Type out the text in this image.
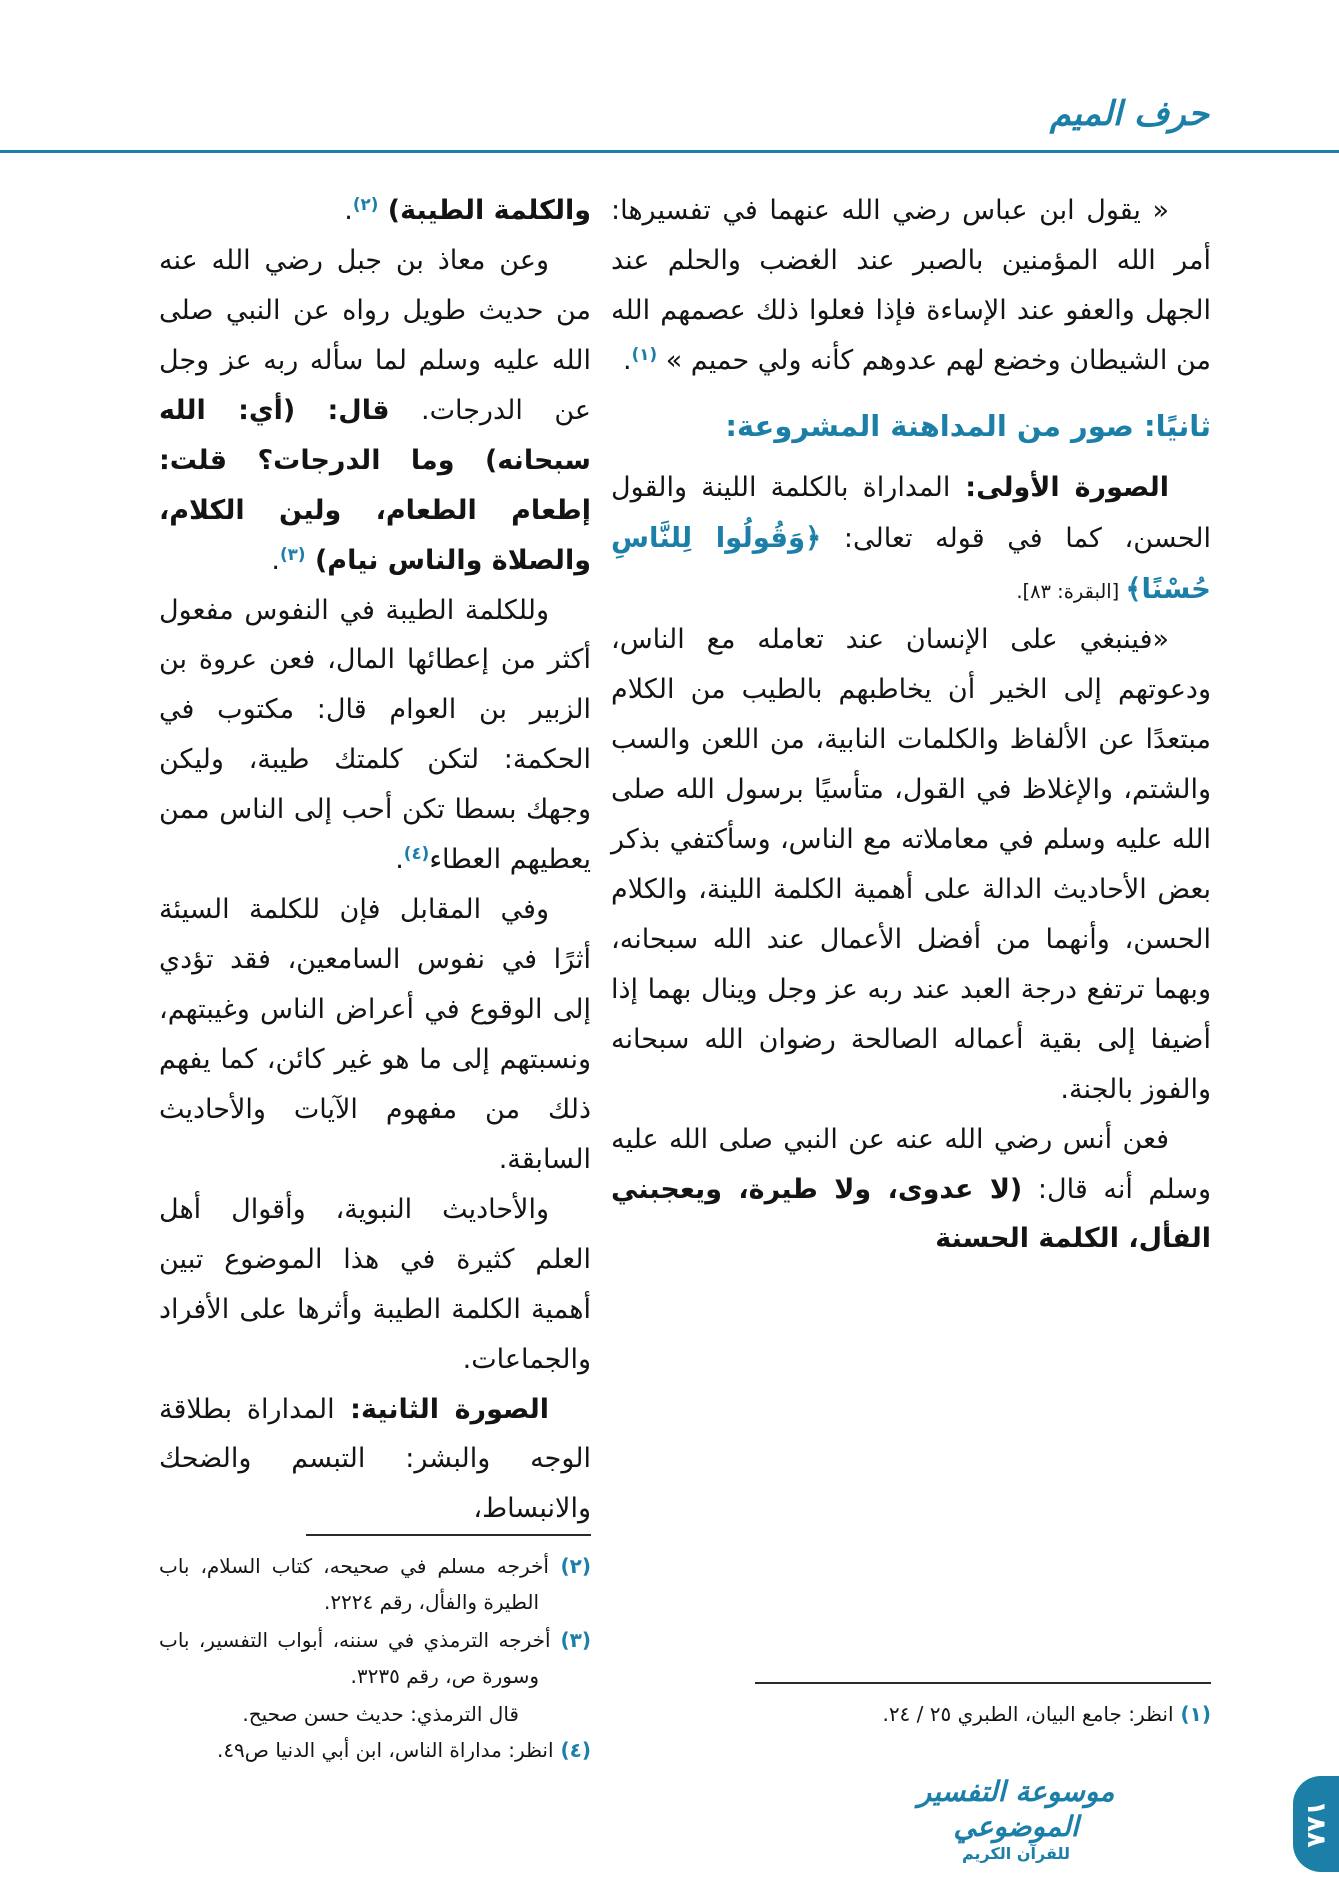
حرف الميم

« يقول ابن عباس رضي الله عنهما في تفسيرها: أمر الله المؤمنين بالصبر عند الغضب والحلم عند الجهل والعفو عند الإساءة فإذا فعلوا ذلك عصمهم الله من الشيطان وخضع لهم عدوهم كأنه ولي حميم » $^{(١)}$.

ثانيًا: صور من المداهنة المشروعة:

الصورة الأولى: المداراة بالكلمة اللينة والقول الحسن، كما في قوله تعالى: ﴿وَقُولُوا لِلنَّاسِ حُسْنًا﴾ [البقرة: ٨٣].

«فينبغي على الإنسان عند تعامله مع الناس، ودعوتهم إلى الخير أن يخاطبهم بالطيب من الكلام مبتعدًا عن الألفاظ والكلمات النابية، من اللعن والسب والشتم، والإغلاظ في القول، متأسيًا برسول الله صلى الله عليه وسلم في معاملاته مع الناس، وسأكتفي بذكر بعض الأحاديث الدالة على أهمية الكلمة اللينة، والكلام الحسن، وأنهما من أفضل الأعمال عند الله سبحانه، وبهما ترتفع درجة العبد عند ربه عز وجل وينال بهما إذا أضيفا إلى بقية أعماله الصالحة رضوان الله سبحانه والفوز بالجنة.

فعن أنس رضي الله عنه عن النبي صلى الله عليه وسلم أنه قال: (لا عدوى، ولا طيرة، ويعجبني الفأل، الكلمة الحسنة

(١) انظر: جامع البيان، الطبري ٢٥ / ٢٤.

والكلمة الطيبة) $^{(٢)}$.

وعن معاذ بن جبل رضي الله عنه من حديث طويل رواه عن النبي صلى الله عليه وسلم لما سأله ربه عز وجل عن الدرجات. قال: (أي: الله سبحانه) وما الدرجات؟ قلت: إطعام الطعام، ولين الكلام، والصلاة والناس نيام) $^{(٣)}$.

وللكلمة الطيبة في النفوس مفعول أكثر من إعطائها المال، فعن عروة بن الزبير بن العوام قال: مكتوب في الحكمة: لتكن كلمتك طيبة، وليكن وجهك بسطا تكن أحب إلى الناس ممن يعطيهم العطاء$^{(٤)}$.

وفي المقابل فإن للكلمة السيئة أثرًا في نفوس السامعين، فقد تؤدي إلى الوقوع في أعراض الناس وغيبتهم، ونسبتهم إلى ما هو غير كائن، كما يفهم ذلك من مفهوم الآيات والأحاديث السابقة.

والأحاديث النبوية، وأقوال أهل العلم كثيرة في هذا الموضوع تبين أهمية الكلمة الطيبة وأثرها على الأفراد والجماعات.

الصورة الثانية: المداراة بطلاقة الوجه والبشر: التبسم والضحك والانبساط،

(٢) أخرجه مسلم في صحيحه، كتاب السلام، باب الطيرة والفأل، رقم ٢٢٢٤.

(٣) أخرجه الترمذي في سننه، أبواب التفسير، باب وسورة ص، رقم ٣٢٣٥.

قال الترمذي: حديث حسن صحيح.

(٤) انظر: مداراة الناس، ابن أبي الدنيا ص٤٩.

موسوعة التفسير الموضوعي
للقرآن الكريم
١٨٨
